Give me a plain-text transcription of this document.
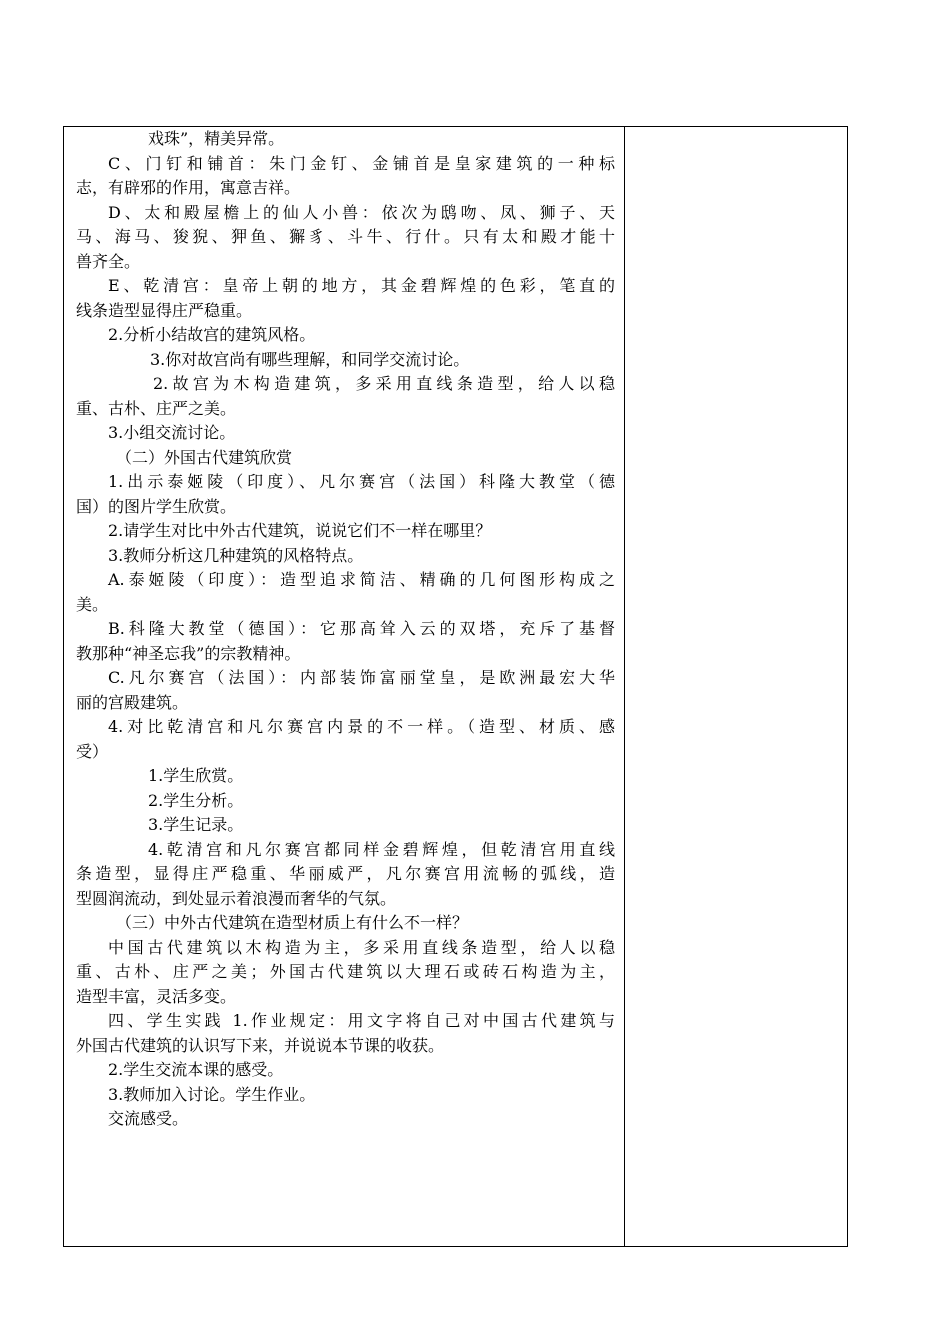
戏珠”，精美异常。
C、门钉和铺首：朱门金钉、金铺首是皇家建筑的一种标
志，有辟邪的作用，寓意吉祥。
D、太和殿屋檐上的仙人小兽：依次为鸱吻、凤、狮子、天
马、海马、狻猊、狎鱼、獬豸、斗牛、行什。只有太和殿才能十
兽齐全。
E、乾清宫：皇帝上朝的地方，其金碧辉煌的色彩，笔直的
线条造型显得庄严稳重。
2.分析小结故宫的建筑风格。
3.你对故宫尚有哪些理解，和同学交流讨论。
2.故宫为木构造建筑，多采用直线条造型，给人以稳
重、古朴、庄严之美。
3.小组交流讨论。
（二）外国古代建筑欣赏
1.出示泰姬陵（印度）、凡尔赛宫（法国）科隆大教堂（德
国）的图片学生欣赏。
2.请学生对比中外古代建筑，说说它们不一样在哪里？
3.教师分析这几种建筑的风格特点。
A.泰姬陵（印度）：造型追求简洁、精确的几何图形构成之
美。
B.科隆大教堂（德国）：它那高耸入云的双塔，充斥了基督
教那种“神圣忘我”的宗教精神。
C.凡尔赛宫（法国）：内部装饰富丽堂皇，是欧洲最宏大华
丽的宫殿建筑。
4.对比乾清宫和凡尔赛宫内景的不一样。（造型、材质、感
受）
1.学生欣赏。
2.学生分析。
3.学生记录。
4.乾清宫和凡尔赛宫都同样金碧辉煌，但乾清宫用直线
条造型，显得庄严稳重、华丽威严，凡尔赛宫用流畅的弧线，造
型圆润流动，到处显示着浪漫而奢华的气氛。
（三）中外古代建筑在造型材质上有什么不一样？
中国古代建筑以木构造为主，多采用直线条造型，给人以稳
重、古朴、庄严之美；外国古代建筑以大理石或砖石构造为主，
造型丰富，灵活多变。
四、学生实践 1.作业规定：用文字将自己对中国古代建筑与
外国古代建筑的认识写下来，并说说本节课的收获。
2.学生交流本课的感受。
3.教师加入讨论。学生作业。
交流感受。
